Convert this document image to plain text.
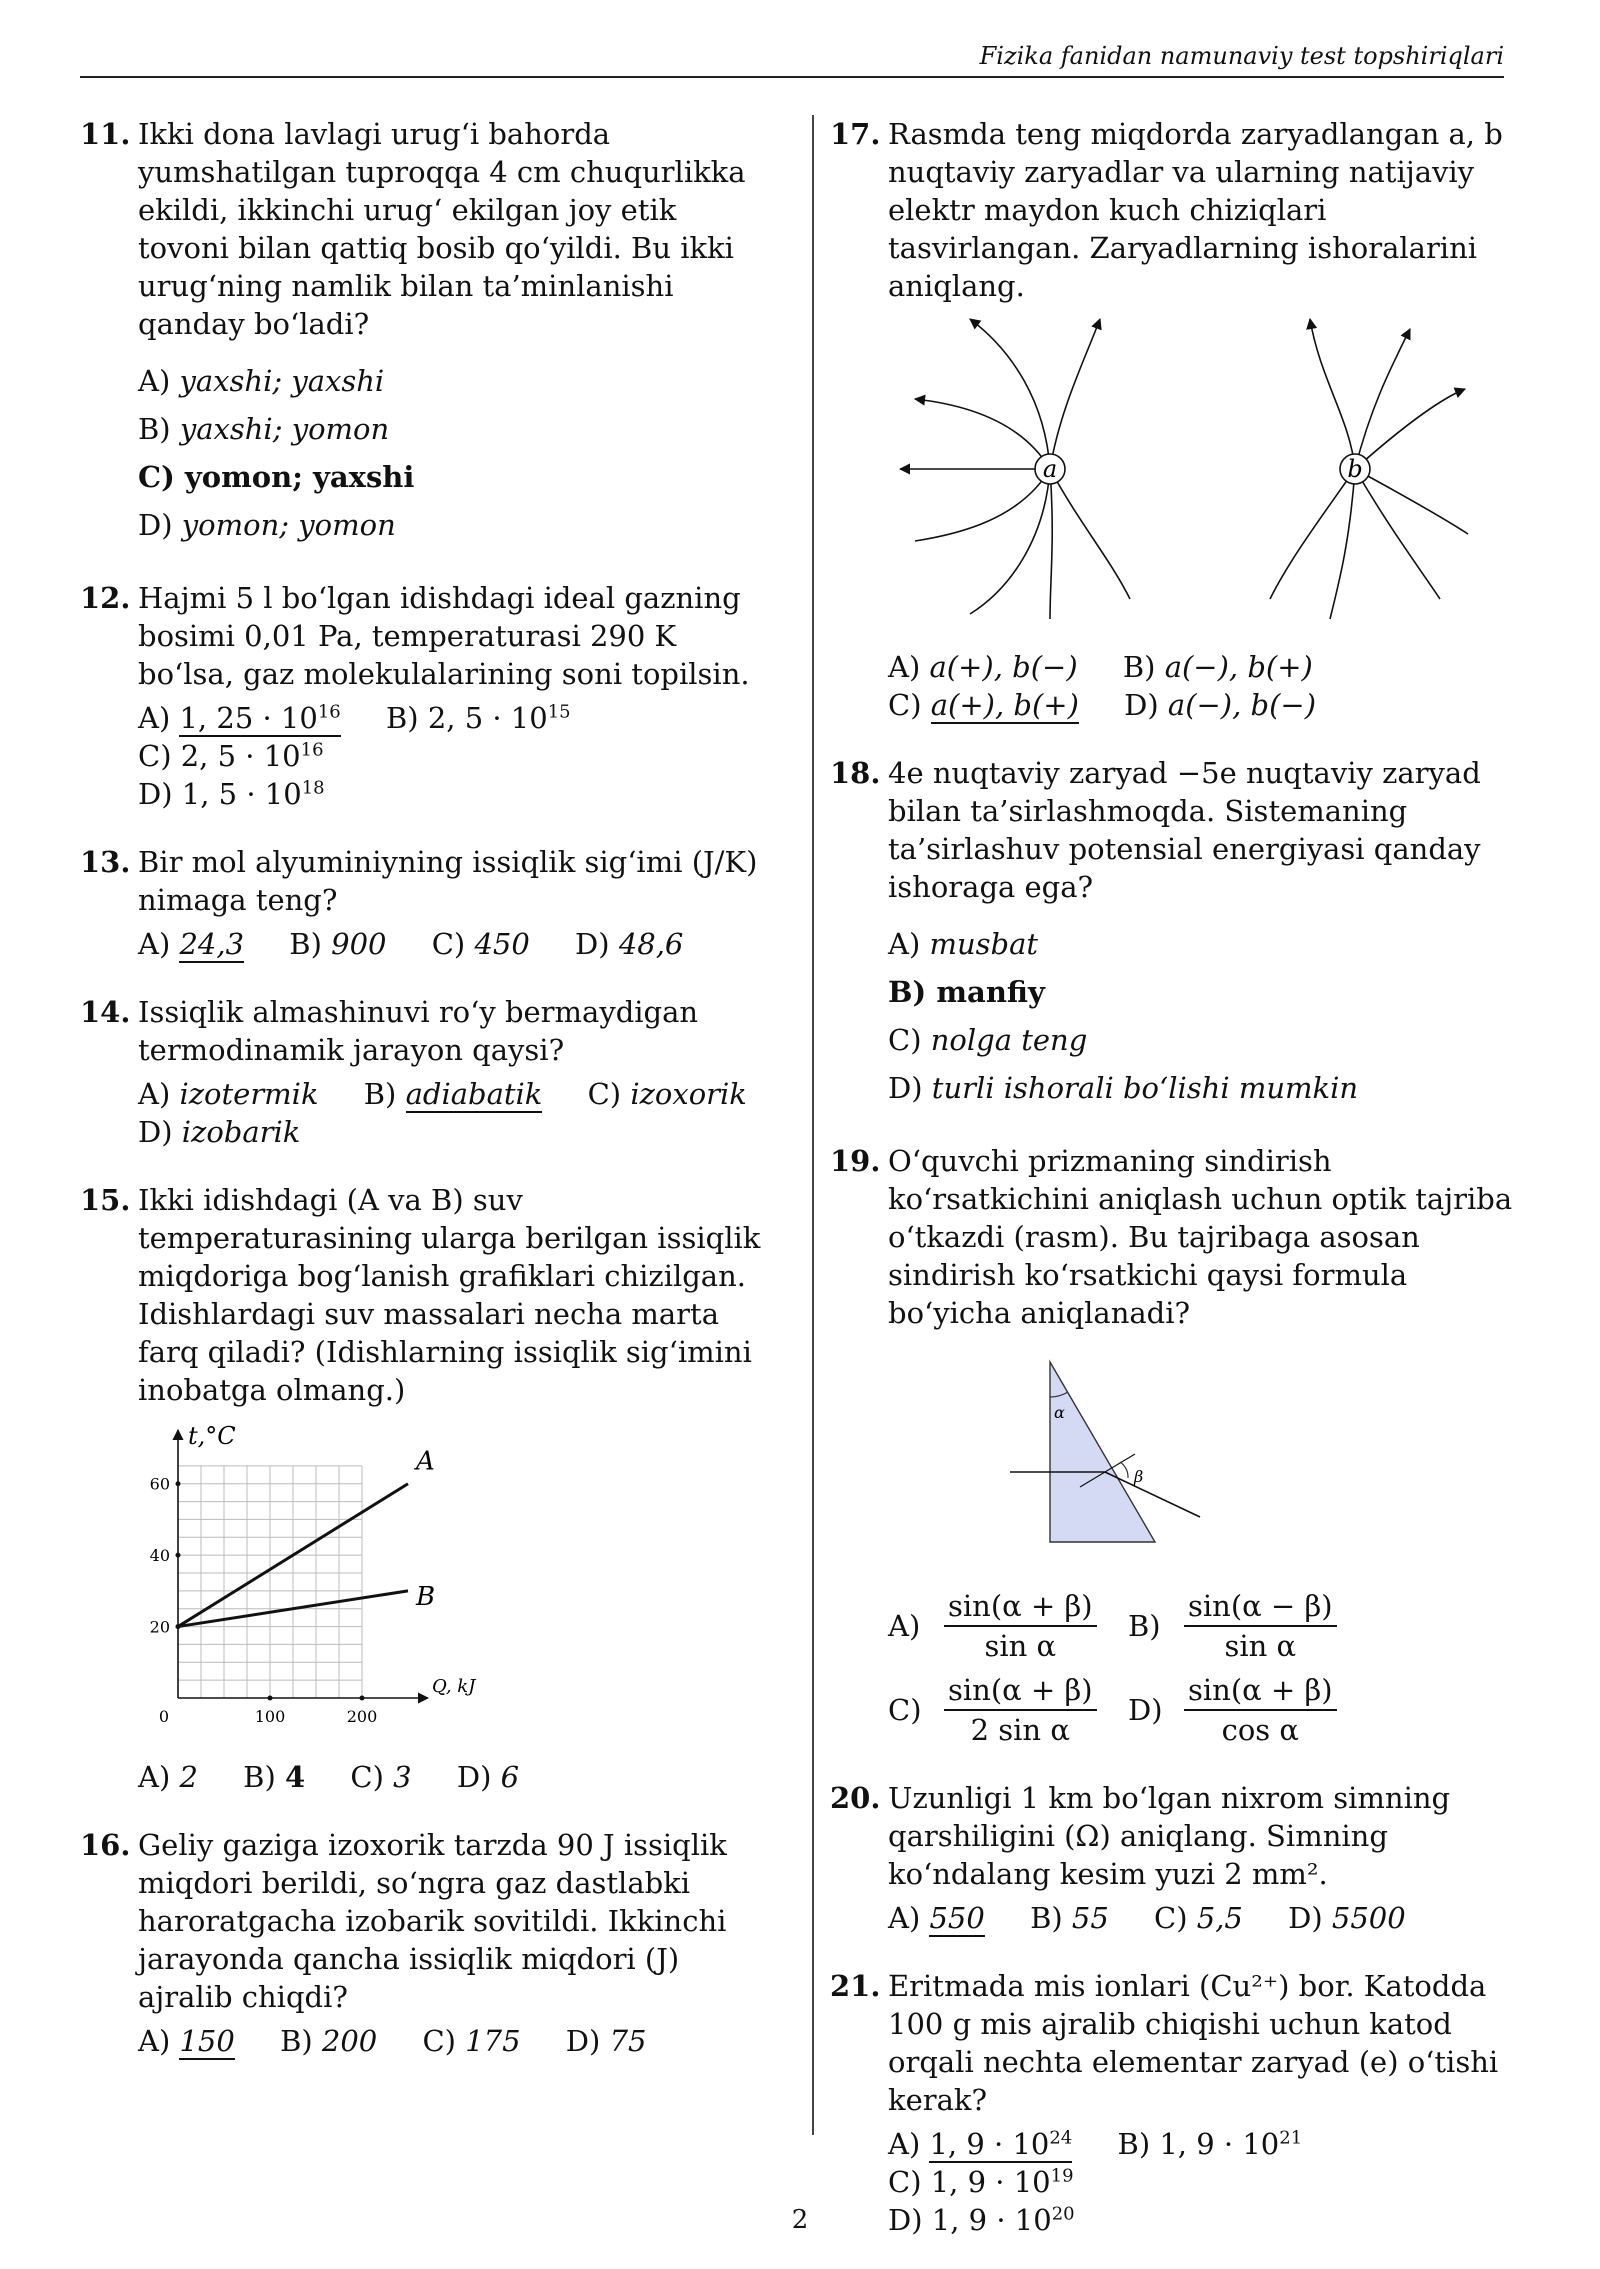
Fizika fanidan namunaviy test topshiriqlari
11. Ikki dona lavlagi urug‘i bahorda yumshatilgan tuproqqa 4 cm chuqurlikka ekildi, ikkinchi urug‘ ekilgan joy etik tovoni bilan qattiq bosib qo‘yildi. Bu ikki urug‘ning namlik bilan ta’minlanishi qanday bo‘ladi?
A) yaxshi; yaxshi
B) yaxshi; yomon
C) yomon; yaxshi
D) yomon; yomon
12. Hajmi 5 l bo‘lgan idishdagi ideal gazning bosimi 0,01 Pa, temperaturasi 290 K bo‘lsa, gaz molekulalarining soni topilsin.
A) 1, $25 \cdot 10^{16}$ B) 2, $5 \cdot 10^{15}$ C) 2, $5 \cdot 10^{16}$
D) 1, $5 \cdot 10^{18}$
13. Bir mol alyuminiyning issiqlik sig‘imi (J/K) nimaga teng?
A) 24,3 B) 900 C) 450 D) 48,6
14. Issiqlik almashinuvi ro‘y bermaydigan termodinamik jarayon qaysi?
A) izotermik B) adiabatik C) izoxorik
D) izobarik
15. Ikki idishdagi (A va B) suv temperaturasining ularga berilgan issiqlik miqdoriga bog‘lanish grafiklari chizilgan. Idishlardagi suv massalari necha marta farq qiladi? (Idishlarning issiqlik sig‘imini inobatga olmang.)
20
40
60
0	100	200
t,°C
Q, kJ
A
B
A) 2 B) 4 C) 3 D) 6
16. Geliy gaziga izoxorik tarzda 90 J issiqlik miqdori berildi, so‘ngra gaz dastlabki haroratgacha izobarik sovitildi. Ikkinchi jarayonda qancha issiqlik miqdori (J) ajralib chiqdi?
A) 150 B) 200 C) 175 D) 75
17. Rasmda teng miqdorda zaryadlangan a, b nuqtaviy zaryadlar va ularning natijaviy elektr maydon kuch chiziqlari tasvirlangan. Zaryadlarning ishoralarini aniqlang.
a	b
A) a(+), b(−) B) a(−), b(+)
C) a(+), b(+) D) a(−), b(−)
18. 4e nuqtaviy zaryad −5e nuqtaviy zaryad bilan ta’sirlashmoqda. Sistemaning ta’sirlashuv potensial energiyasi qanday ishoraga ega?
A) musbat
B) manfiy
C) nolga teng
D) turli ishorali bo‘lishi mumkin
19. O‘quvchi prizmaning sindirish ko‘rsatkichini aniqlash uchun optik tajriba o‘tkazdi (rasm). Bu tajribaga asosan sindirish ko‘rsatkichi qaysi formula bo‘yicha aniqlanadi?
α
β
$A) \frac{\sin(\alpha + \beta)}{\text{sin α}} B) \frac{\sin(\alpha - \beta)}{\text{sin α}}$
$C) \frac{\sin(\alpha + \beta)}{\text{2 sin α}} D) \frac{\sin(\alpha + \beta)}{\text{cos α}}$
20. Uzunligi 1 km bo‘lgan nixrom simning qarshiligini (Ω) aniqlang. Simning ko‘ndalang kesim yuzi 2 mm².
A) 550 B) 55 C) 5,5 D) 5500
21. Eritmada mis ionlari (Cu²⁺) bor. Katodda 100 g mis ajralib chiqishi uchun katod orqali nechta elementar zaryad (e) o‘tishi kerak?
A) 1, $9 \cdot 10^{24}$ B) 1, $9 \cdot 10^{21}$ C) 1, $9 \cdot 10^{19}$
D) 1, $9 \cdot 10^{20}$
2
